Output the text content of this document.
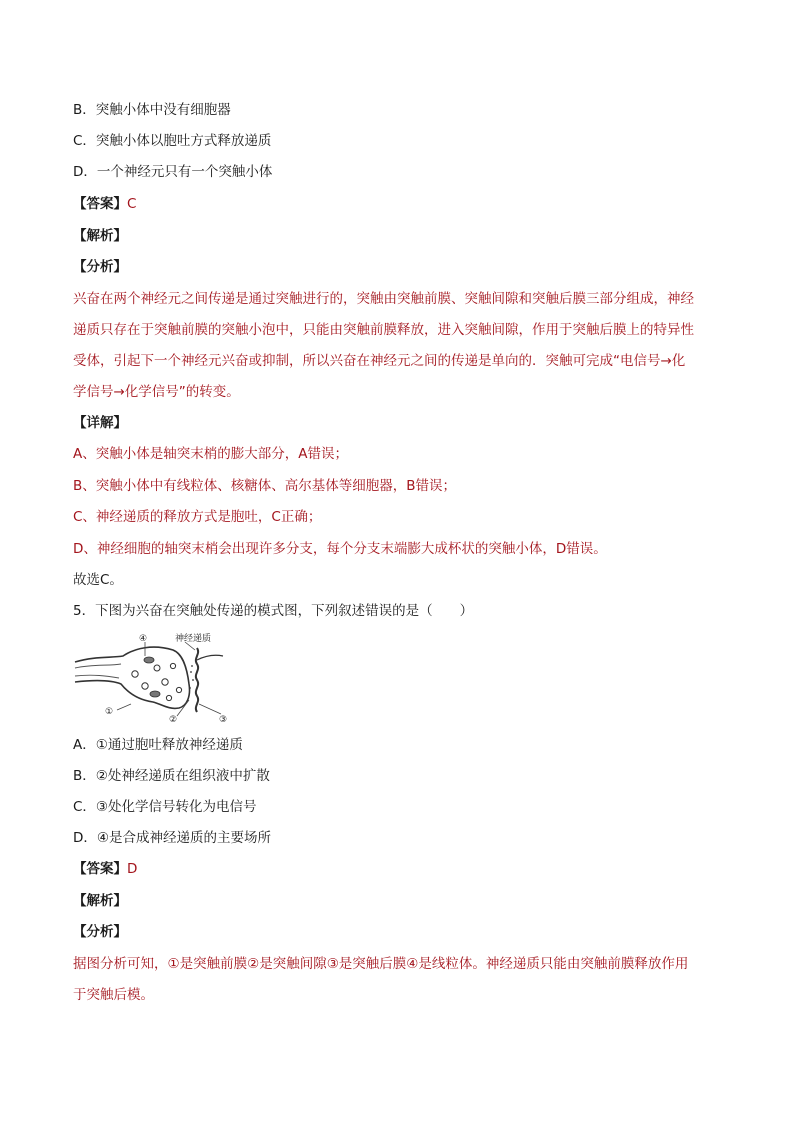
B．突触小体中没有细胞器
C．突触小体以胞吐方式释放递质
D．一个神经元只有一个突触小体
【答案】C
【解析】
【分析】
兴奋在两个神经元之间传递是通过突触进行的，突触由突触前膜、突触间隙和突触后膜三部分组成，神经
递质只存在于突触前膜的突触小泡中，只能由突触前膜释放，进入突触间隙，作用于突触后膜上的特异性
受体，引起下一个神经元兴奋或抑制，所以兴奋在神经元之间的传递是单向的．突触可完成“电信号→化
学信号→化学信号”的转变。
【详解】
A、突触小体是轴突末梢的膨大部分，A错误；
B、突触小体中有线粒体、核糖体、高尔基体等细胞器，B错误；
C、神经递质的释放方式是胞吐，C正确；
D、神经细胞的轴突末梢会出现许多分支，每个分支末端膨大成杯状的突触小体，D错误。
故选C。
5．下图为兴奋在突触处传递的模式图，下列叙述错误的是（　　）
神经递质
④
①
②	③
A．①通过胞吐释放神经递质
B．②处神经递质在组织液中扩散
C．③处化学信号转化为电信号
D．④是合成神经递质的主要场所
【答案】D
【解析】
【分析】
据图分析可知，①是突触前膜②是突触间隙③是突触后膜④是线粒体。神经递质只能由突触前膜释放作用
于突触后模。
